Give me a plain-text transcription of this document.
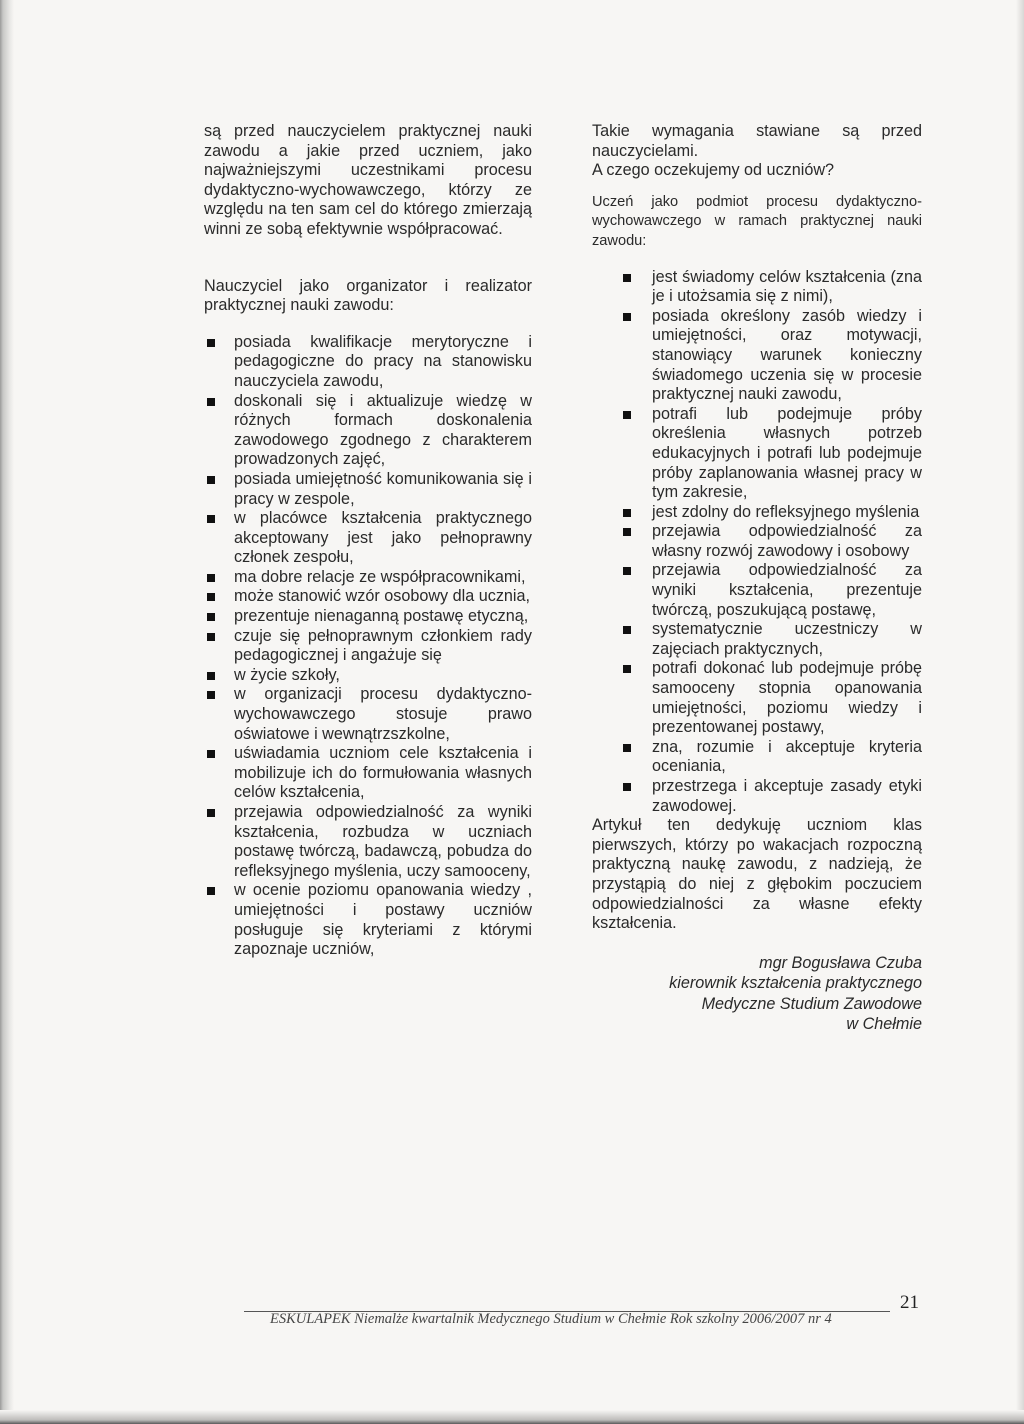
są przed nauczycielem praktycznej nauki zawodu a jakie przed uczniem, jako najważniejszymi uczestnikami procesu dydaktyczno-wychowawczego, którzy ze względu na ten sam cel do którego zmierzają winni ze sobą efektywnie współpracować.

Nauczyciel jako organizator i realizator praktycznej nauki zawodu:

posiada kwalifikacje merytoryczne i pedagogiczne do pracy na stanowisku nauczyciela zawodu,
doskonali się i aktualizuje wiedzę w różnych formach doskonalenia zawodowego zgodnego z charakterem prowadzonych zajęć,
posiada umiejętność komunikowania się i pracy w zespole,
w placówce kształcenia praktycznego akceptowany jest jako pełnoprawny członek zespołu,
ma dobre relacje ze współpracownikami,
może stanowić wzór osobowy dla ucznia,
prezentuje nienaganną postawę etyczną,
czuje się pełnoprawnym członkiem rady pedagogicznej i angażuje się
w życie szkoły,
w organizacji procesu dydaktyczno-wychowawczego stosuje prawo oświatowe i wewnątrzszkolne,
uświadamia uczniom cele kształcenia i mobilizuje ich do formułowania własnych celów kształcenia,
przejawia odpowiedzialność za wyniki kształcenia, rozbudza w uczniach postawę twórczą, badawczą, pobudza do refleksyjnego myślenia, uczy samooceny,
w ocenie poziomu opanowania wiedzy , umiejętności i postawy uczniów posługuje się kryteriami z którymi zapoznaje uczniów,

Takie wymagania stawiane są przed nauczycielami.

A czego oczekujemy od uczniów?

Uczeń jako podmiot procesu dydaktyczno-wychowawczego w ramach praktycznej nauki zawodu:

jest świadomy celów kształcenia (zna je i utożsamia się z nimi),
posiada określony zasób wiedzy i umiejętności, oraz motywacji, stanowiący warunek konieczny świadomego uczenia się w procesie praktycznej nauki zawodu,
potrafi lub podejmuje próby określenia własnych potrzeb edukacyjnych i potrafi lub podejmuje próby zaplanowania własnej pracy w tym zakresie,
jest zdolny do refleksyjnego myślenia
przejawia odpowiedzialność za własny rozwój zawodowy i osobowy
przejawia odpowiedzialność za wyniki kształcenia, prezentuje twórczą, poszukującą postawę,
systematycznie uczestniczy w zajęciach praktycznych,
potrafi dokonać lub podejmuje próbę samooceny stopnia opanowania umiejętności, poziomu wiedzy i prezentowanej postawy,
zna, rozumie i akceptuje kryteria oceniania,
przestrzega i akceptuje zasady etyki zawodowej.

Artykuł ten dedykuję uczniom klas pierwszych, którzy po wakacjach rozpoczną praktyczną naukę zawodu, z nadzieją, że przystąpią do niej z głębokim poczuciem odpowiedzialności za własne efekty kształcenia.

mgr Bogusława Czuba
kierownik kształcenia praktycznego
Medyczne Studium Zawodowe
w Chełmie
21
ESKULAPEK Niemalże kwartalnik Medycznego Studium w Chełmie Rok szkolny 2006/2007 nr 4
